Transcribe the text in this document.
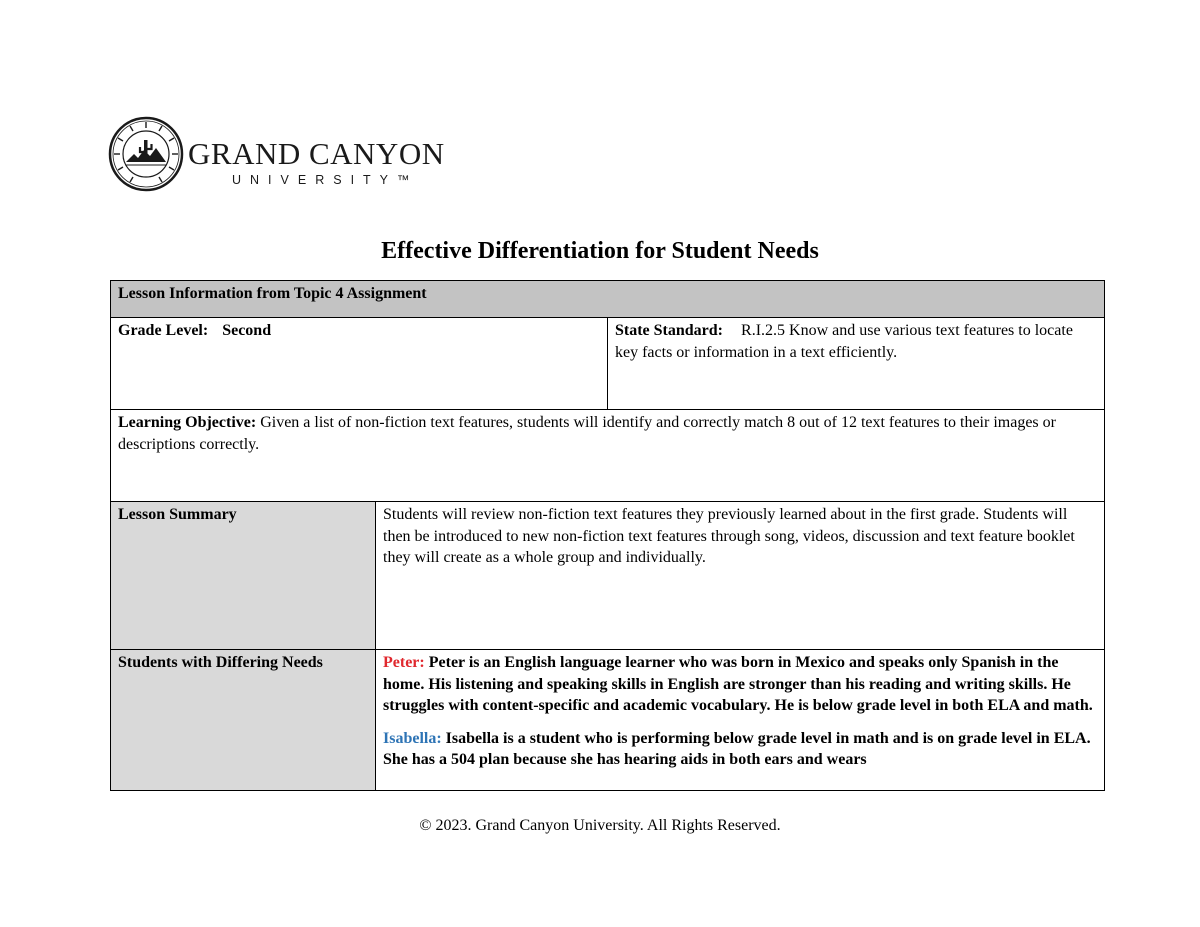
GRAND CANYON
UNIVERSITY™
Effective Differentiation for Student Needs
Lesson Information from Topic 4 Assignment		
Grade Level: Second		State Standard: R.I.2.5 Know and use various text features to locate key facts or information in a text efficiently.
Learning Objective: Given a list of non-fiction text features, students will identify and correctly match 8 out of 12 text features to their images or descriptions correctly.		
Lesson Summary	Students will review non-fiction text features they previously learned about in the first grade. Students will then be introduced to new non-fiction text features through song, videos, discussion and text feature booklet they will create as a whole group and individually.	
Students with Differing Needs	Peter: Peter is an English language learner who was born in Mexico and speaks only Spanish in the home. His listening and speaking skills in English are stronger than his reading and writing skills. He struggles with content-specific and academic vocabulary. He is below grade level in both ELA and math.

Isabella: Isabella is a student who is performing below grade level in math and is on grade level in ELA. She has a 504 plan because she has hearing aids in both ears and wears	

© 2023. Grand Canyon University. All Rights Reserved.
